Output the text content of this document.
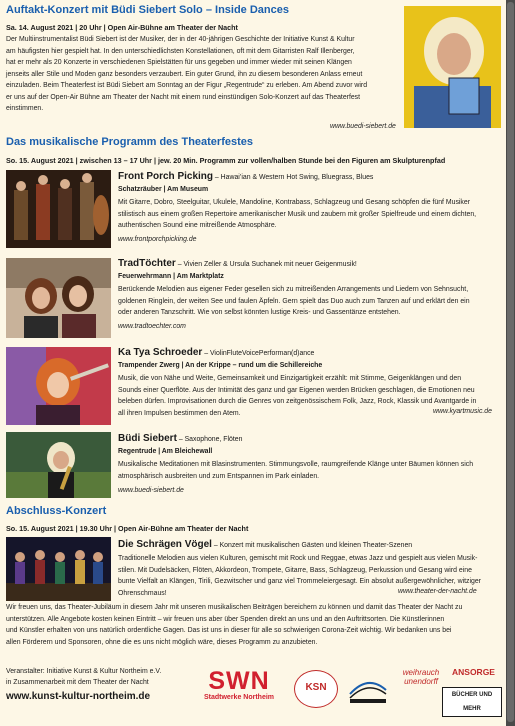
Auftakt-Konzert mit Büdi Siebert Solo – Inside Dances
Sa. 14. August 2021 | 20 Uhr | Open Air-Bühne am Theater der Nacht
Der Multiinstrumentalist Büdi Siebert ist der Musiker, der in der 40-jährigen Geschichte der Initiative Kunst & Kultur
am häufigsten hier gespielt hat. In den unterschiedlichsten Konstellationen, oft mit dem Gitarristen Ralf Illenberger,
hat er mehr als 20 Konzerte in verschiedenen Spielstätten für uns gegeben und immer wieder mit seinen Klängen
jenseits aller Stile und Moden ganz besonders verzaubert. Ein guter Grund, ihn zu diesem besonderen Anlass erneut
einzuladen. Beim Theaterfest ist Büdi Siebert am Sonntag an der Figur „Regentrude“ zu erleben. Am Abend zuvor wird
er uns auf der Open-Air Bühne am Theater der Nacht mit einem rund einstündigen Solo-Konzert auf das Theaterfest
einstimmen.
www.buedi-siebert.de
Das musikalische Programm des Theaterfestes
So. 15. August 2021 | zwischen 13 – 17 Uhr | jew. 20 Min. Programm zur vollen/halben Stunde bei den Figuren am Skulpturenpfad
Front Porch Picking – Hawai’ian & Western Hot Swing, Bluegrass, Blues
Schatzräuber | Am Museum
Mit Gitarre, Dobro, Steelguitar, Ukulele, Mandoline, Kontrabass, Schlagzeug und Gesang schöpfen die fünf Musiker
stilistisch aus einem großen Repertoire amerikanischer Musik und zaubern mit großer Spielfreude und einem dichten,
authentischen Sound eine mitreißende Atmosphäre.
www.frontporchpicking.de
TradTöchter – Vivien Zeller & Ursula Suchanek mit neuer Geigenmusik!
Feuerwehrmann | Am Marktplatz
Berückende Melodien aus eigener Feder gesellen sich zu mitreißenden Arrangements und Liedern von Sehnsucht,
goldenen Ringlein, der weiten See und faulen Äpfeln. Gern spielt das Duo auch zum Tanzen auf und erklärt den ein
oder anderen Tanzschritt. Wie von selbst könnten lustige Kreis- und Gassentänze entstehen.
www.tradtoechter.com
Ka Tya Schroeder – ViolinFluteVoicePerforman(d)ance
Trampender Zwerg | An der Krippe – rund um die Schillereiche
Musik, die von Nähe und Weite, Gemeinsamkeit und Einzigartigkeit erzählt: mit Stimme, Geigenklängen und den
Sounds einer Querflöte. Aus der Intimität des ganz und gar Eigenen werden Brücken geschlagen, die Emotionen neu
beleben dürfen. Improvisationen durch die Genres von zeitgenössischem Folk, Jazz, Rock, Klassik und Avantgarde in
all ihren Impulsen bestimmen den Atem.	www.kyartmusic.de
Büdi Siebert – Saxophone, Flöten
Regentrude | Am Bleichewall
Musikalische Meditationen mit Blasinstrumenten. Stimmungsvolle, raumgreifende Klänge unter Bäumen können sich
atmosphärisch ausbreiten und zum Entspannen im Park einladen.
www.buedi-siebert.de
Abschluss-Konzert
So. 15. August 2021 | 19.30 Uhr | Open Air-Bühne am Theater der Nacht
Die Schrägen Vögel – Konzert mit musikalischen Gästen und kleinen Theater-Szenen
Traditionelle Melodien aus vielen Kulturen, gemischt mit Rock und Reggae, etwas Jazz und gespielt aus vielen Musik-
stilen. Mit Dudelsäcken, Flöten, Akkordeon, Trompete, Gitarre, Bass, Schlagzeug, Perkussion und Gesang wird eine
bunte Vielfalt an Klängen, Tirili, Gezwitscher und ganz viel Trommeleiergesagt. Ein absolut außergewöhnlicher, witziger
Ohrenschmaus!	www.theater-der-nacht.de
Wir freuen uns, das Theater-Jubiläum in diesem Jahr mit unseren musikalischen Beiträgen bereichern zu können und damit das Theater der Nacht zu
unterstützen. Alle Angebote kosten keinen Eintritt – wir freuen uns aber über Spenden direkt an uns und an den Auftrittsorten. Die Künstlerinnen
und Künstler erhalten von uns natürlich ordentliche Gagen. Das ist uns in dieser für alle so schwierigen Corona-Zeit wichtig. Wir bedanken uns bei
allen Förderern und Sponsoren, ohne die es uns nicht möglich wäre, dieses Programm zu anzubieten.
Veranstalter: Initiative Kunst & Kultur Northeim e.V.
in Zusammenarbeit mit dem Theater der Nacht
www.kunst-kultur-northeim.de
SWN
Stadtwerke Northeim
KSN
weihrauch
unendorff
ANSORGE
BÜCHER UND MEHR
